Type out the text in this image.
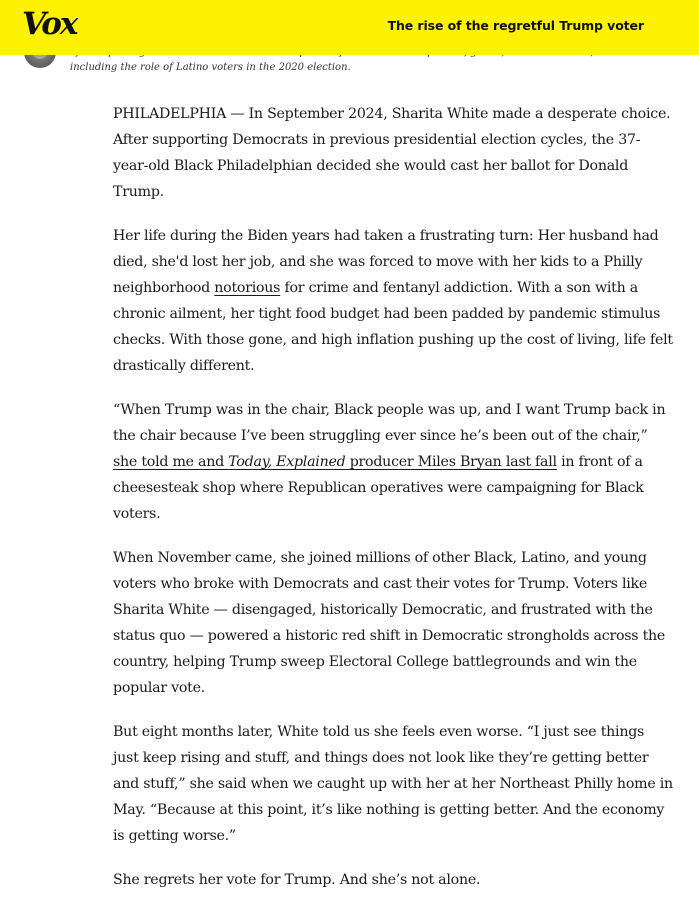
Vox	The rise of the regretful Trump voter

including the role of Latino voters in the 2020 election.

PHILADELPHIA — In September 2024, Sharita White made a desperate choice. After supporting Democrats in previous presidential election cycles, the 37-year-old Black Philadelphian decided she would cast her ballot for Donald Trump.

Her life during the Biden years had taken a frustrating turn: Her husband had died, she'd lost her job, and she was forced to move with her kids to a Philly neighborhood notorious for crime and fentanyl addiction. With a son with a chronic ailment, her tight food budget had been padded by pandemic stimulus checks. With those gone, and high inflation pushing up the cost of living, life felt drastically different.

“When Trump was in the chair, Black people was up, and I want Trump back in the chair because I’ve been struggling ever since he’s been out of the chair,” she told me and Today, Explained producer Miles Bryan last fall in front of a cheesesteak shop where Republican operatives were campaigning for Black voters.

When November came, she joined millions of other Black, Latino, and young voters who broke with Democrats and cast their votes for Trump. Voters like Sharita White — disengaged, historically Democratic, and frustrated with the status quo — powered a historic red shift in Democratic strongholds across the country, helping Trump sweep Electoral College battlegrounds and win the popular vote.

But eight months later, White told us she feels even worse. “I just see things just keep rising and stuff, and things does not look like they’re getting better and stuff,” she said when we caught up with her at her Northeast Philly home in May. “Because at this point, it’s like nothing is getting better. And the economy is getting worse.”

She regrets her vote for Trump. And she’s not alone.
